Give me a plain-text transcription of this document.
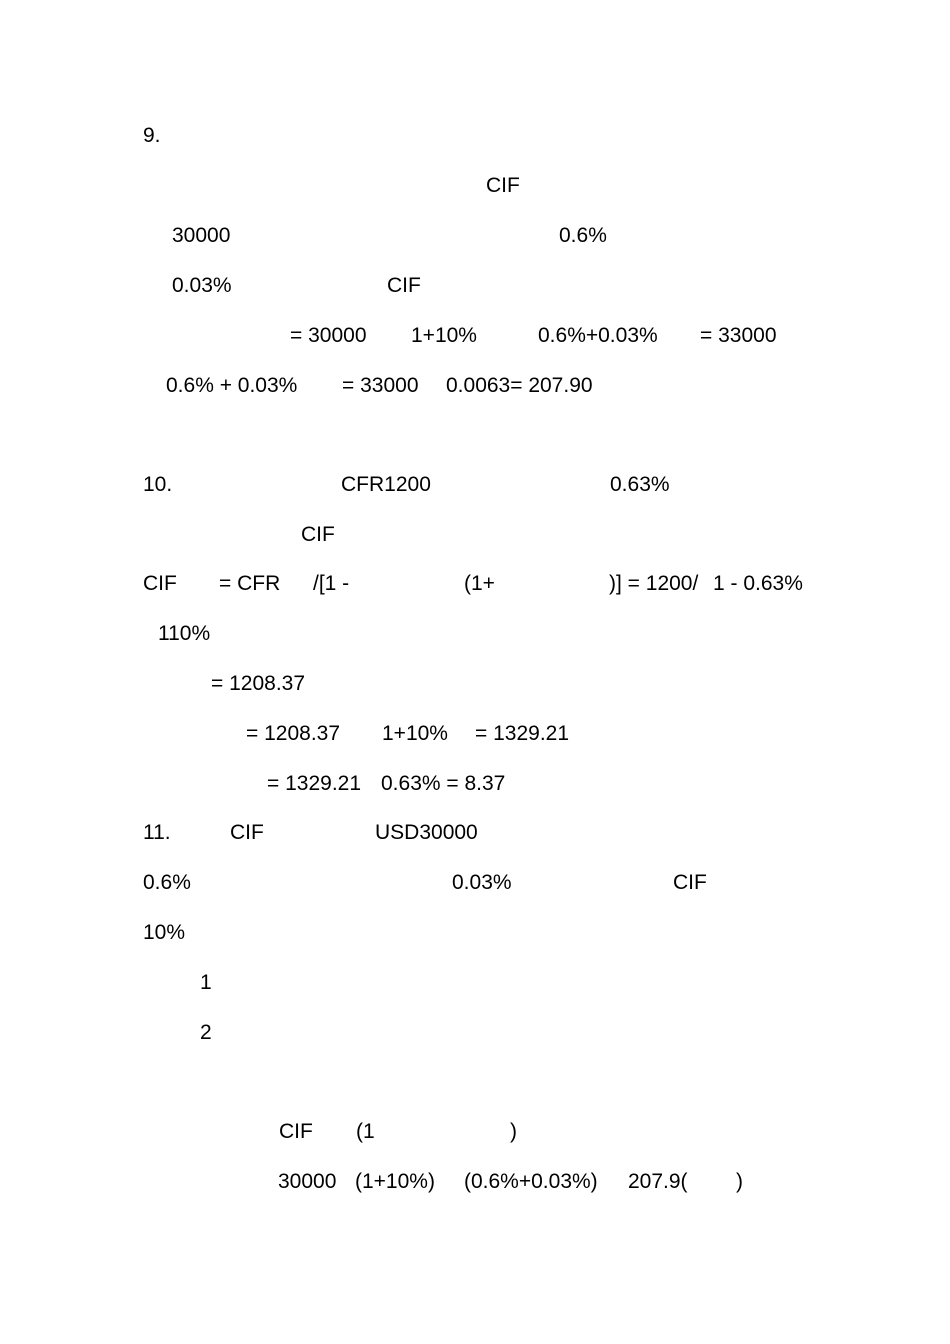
9.
CIF
30000	0.6%
0.03%	CIF
= 30000 1+10%	0.6%+0.03% = 33000
0.6% + 0.03% = 33000 0.0063= 207.90
10.	CFR1200	0.63%
CIF
CIF = CFR /[1 -	(1+	)] = 1200/ 1 - 0.63%
110%
= 1208.37
= 1208.37 1+10% = 1329.21
= 1329.21 0.63% = 8.37
11.	CIF	USD30000
0.6%	0.03%	CIF
10%
1
2
CIF (1	)
30000 (1+10%) (0.6%+0.03%) 207.9( )
